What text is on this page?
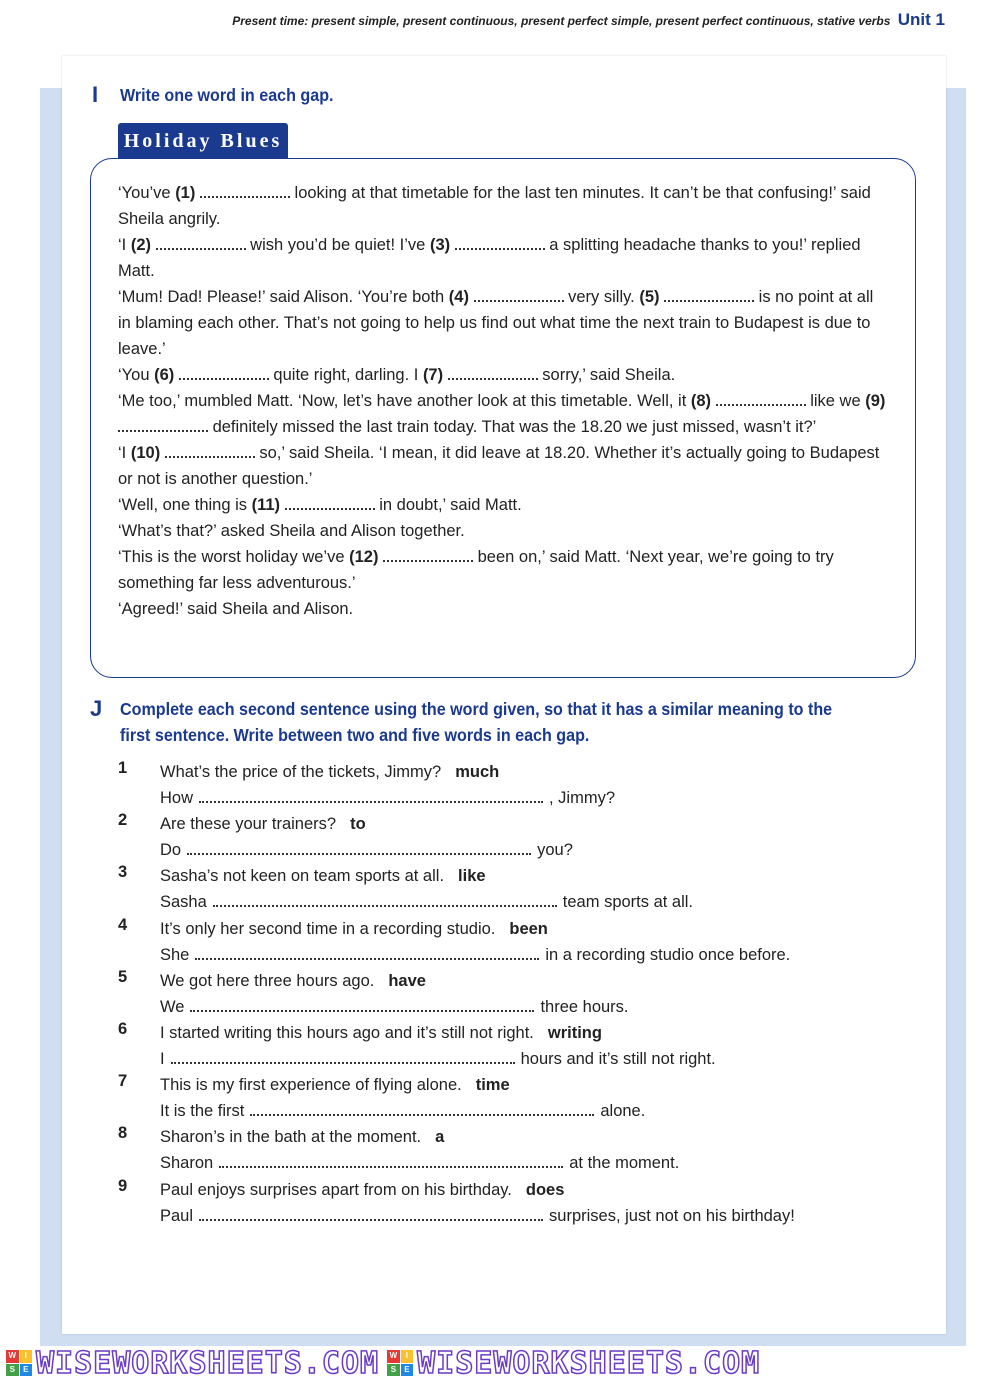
Present time: present simple, present continuous, present perfect simple, present perfect continuous, stative verbs Unit 1
I Write one word in each gap.
Holiday Blues

‘You’ve (1)	looking at that timetable for the last ten minutes. It can’t be that confusing!’ said Sheila angrily.

‘I (2)	wish you’d be quiet! I’ve (3)	a splitting headache thanks to you!’ replied Matt.

‘Mum! Dad! Please!’ said Alison. ‘You’re both (4)	very silly. (5)	is no point at all in blaming each other. That’s not going to help us find out what time the next train to Budapest is due to leave.’

‘You (6)	quite right, darling. I (7)	sorry,’ said Sheila.

‘Me too,’ mumbled Matt. ‘Now, let’s have another look at this timetable. Well, it (8)	like we (9)  definitely missed the last train today. That was the 18.20 we just missed, wasn’t it?’

‘I (10)	so,’ said Sheila. ‘I mean, it did leave at 18.20. Whether it’s actually going to Budapest or not is another question.’

‘Well, one thing is (11)	in doubt,’ said Matt.

‘What’s that?’ asked Sheila and Alison together.

‘This is the worst holiday we’ve (12)	been on,’ said Matt. ‘Next year, we’re going to try something far less adventurous.’

‘Agreed!’ said Sheila and Alison.

J Complete each second sentence using the word given, so that it has a similar meaning to the first sentence. Write between two and five words in each gap.
1	What’s the price of the tickets, Jimmy? much
How	, Jimmy?
2	Are these your trainers? to
Do	you?
3	Sasha’s not keen on team sports at all. like
Sasha	team sports at all.
4	It’s only her second time in a recording studio. been
She	in a recording studio once before.
5	We got here three hours ago. have
We	three hours.
6	I started writing this hours ago and it’s still not right. writing
I	hours and it’s still not right.
7	This is my first experience of flying alone. time
It is the first	alone.
8	Sharon’s in the bath at the moment. a
Sharon	at the moment.
9	Paul enjoys surprises apart from on his birthday. does
Paul	surprises, just not on his birthday!
W	I
S	E WISEWORKSHEETS.COM	W	I
S	E WISEWORKSHEETS.COM
